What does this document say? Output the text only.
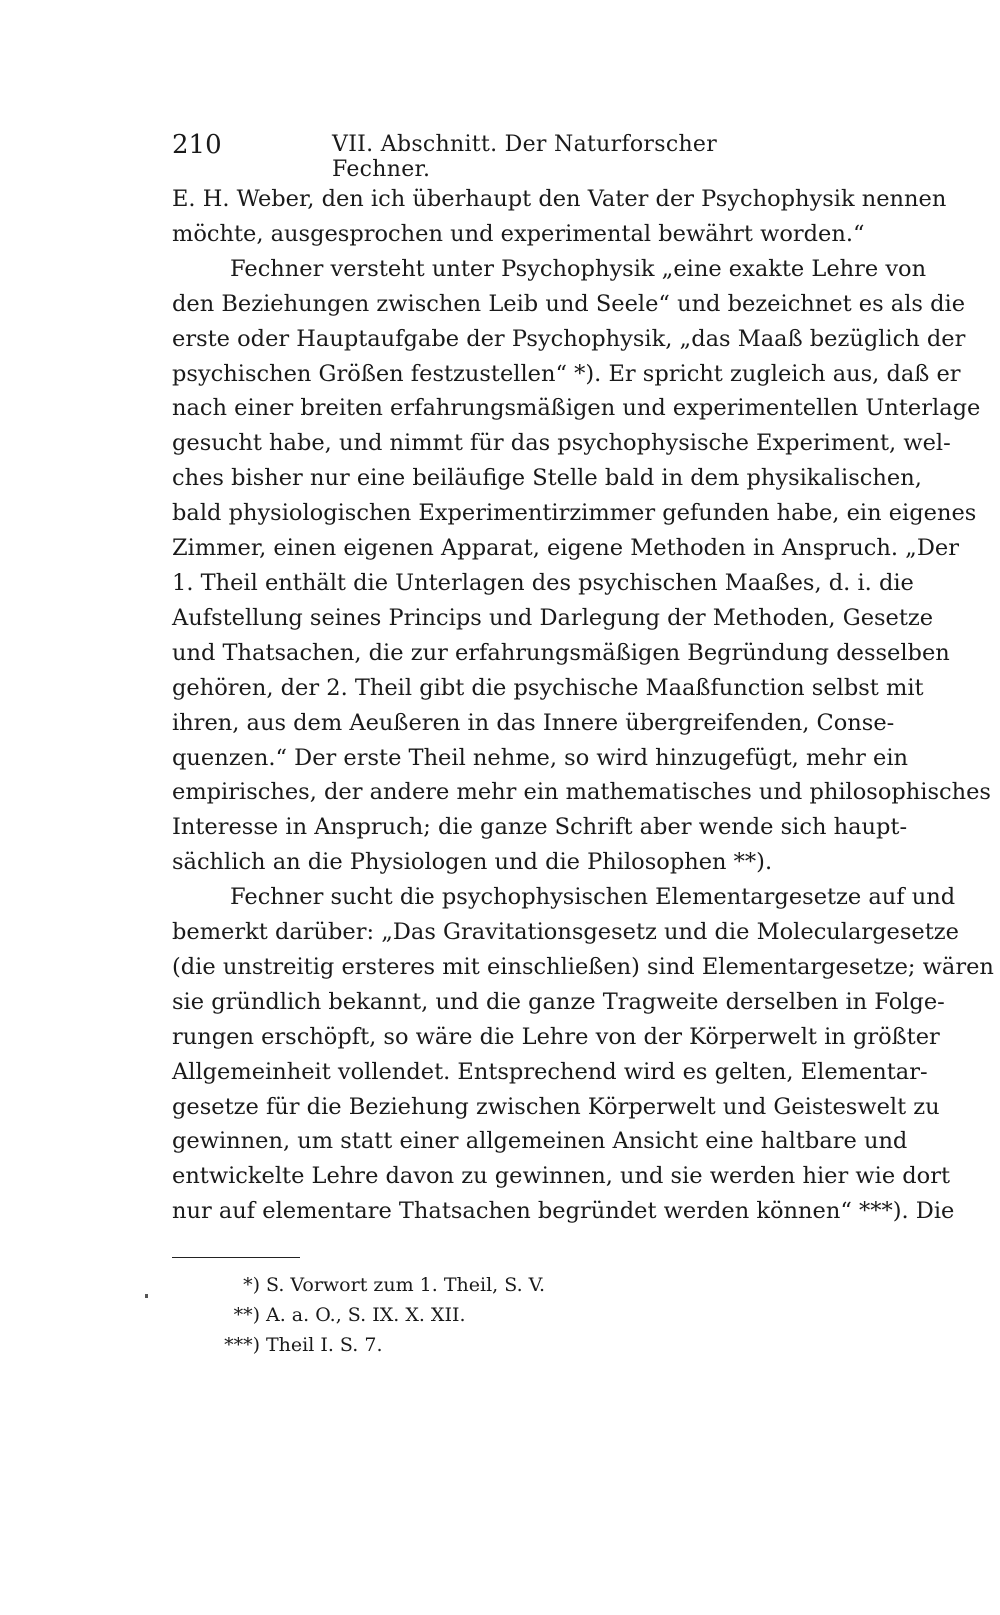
210	VII. Abschnitt. Der Naturforscher Fechner.
E. H. Weber, den ich überhaupt den Vater der Psychophysik nennen
möchte, ausgesprochen und experimental bewährt worden.“
Fechner versteht unter Psychophysik „eine exakte Lehre von
den Beziehungen zwischen Leib und Seele“ und bezeichnet es als die
erste oder Hauptaufgabe der Psychophysik, „das Maaß bezüglich der
psychischen Größen festzustellen“ *). Er spricht zugleich aus, daß er
nach einer breiten erfahrungsmäßigen und experimentellen Unterlage
gesucht habe, und nimmt für das psychophysische Experiment, wel-
ches bisher nur eine beiläufige Stelle bald in dem physikalischen,
bald physiologischen Experimentirzimmer gefunden habe, ein eigenes
Zimmer, einen eigenen Apparat, eigene Methoden in Anspruch. „Der
1. Theil enthält die Unterlagen des psychischen Maaßes, d. i. die
Aufstellung seines Princips und Darlegung der Methoden, Gesetze
und Thatsachen, die zur erfahrungsmäßigen Begründung desselben
gehören, der 2. Theil gibt die psychische Maaßfunction selbst mit
ihren, aus dem Aeußeren in das Innere übergreifenden, Conse-
quenzen.“ Der erste Theil nehme, so wird hinzugefügt, mehr ein
empirisches, der andere mehr ein mathematisches und philosophisches
Interesse in Anspruch; die ganze Schrift aber wende sich haupt-
sächlich an die Physiologen und die Philosophen **).
Fechner sucht die psychophysischen Elementargesetze auf und
bemerkt darüber: „Das Gravitationsgesetz und die Moleculargesetze
(die unstreitig ersteres mit einschließen) sind Elementargesetze; wären
sie gründlich bekannt, und die ganze Tragweite derselben in Folge-
rungen erschöpft, so wäre die Lehre von der Körperwelt in größter
Allgemeinheit vollendet. Entsprechend wird es gelten, Elementar-
gesetze für die Beziehung zwischen Körperwelt und Geisteswelt zu
gewinnen, um statt einer allgemeinen Ansicht eine haltbare und
entwickelte Lehre davon zu gewinnen, und sie werden hier wie dort
nur auf elementare Thatsachen begründet werden können“ ***). Die
*) S. Vorwort zum 1. Theil, S. V.
**) A. a. O., S. IX. X. XII.
***) Theil I. S. 7.
